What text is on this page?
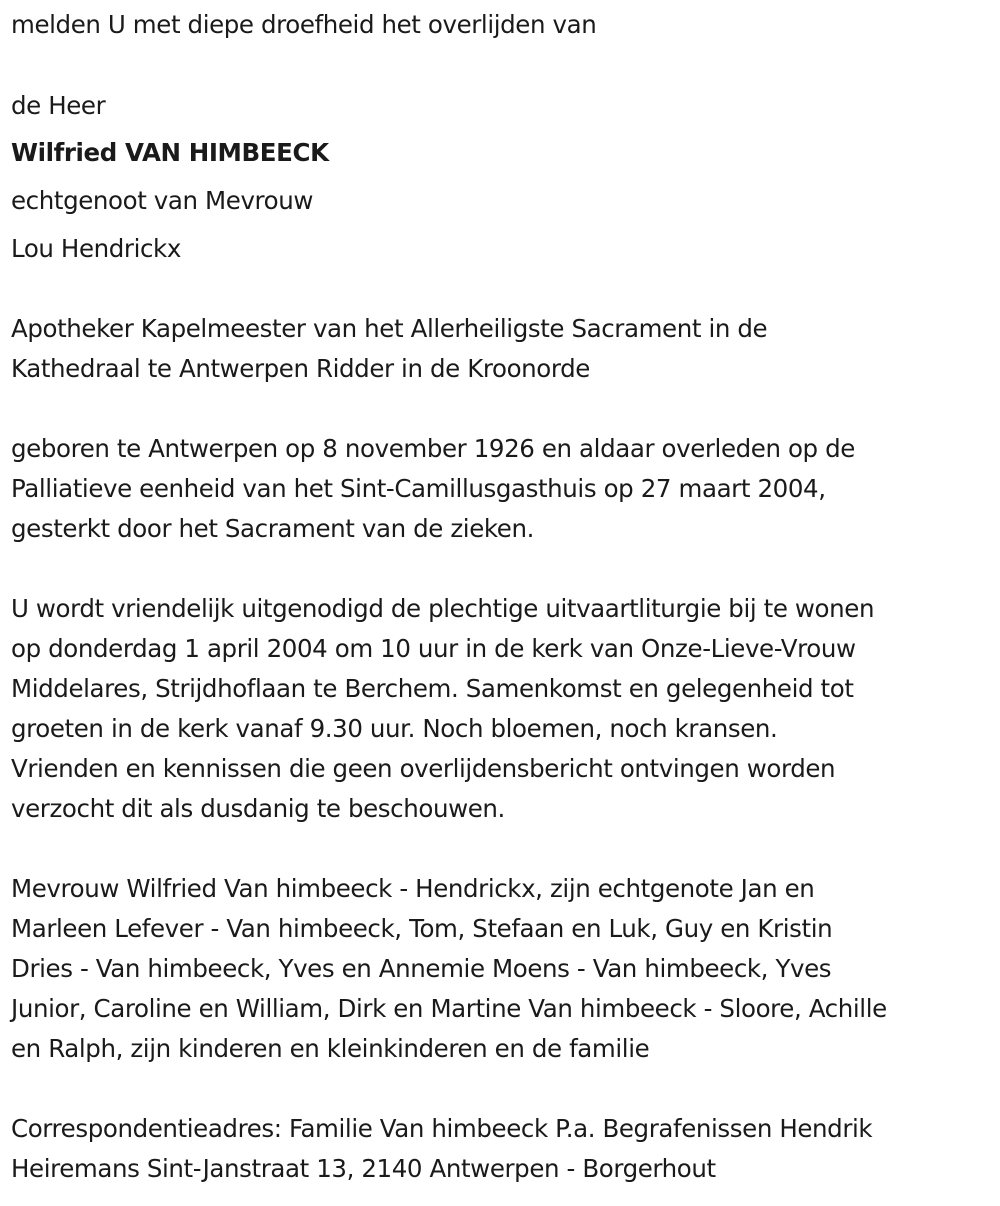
melden U met diepe droefheid het overlijden van
de Heer
Wilfried VAN HIMBEECK
echtgenoot van Mevrouw
Lou Hendrickx
Apotheker Kapelmeester van het Allerheiligste Sacrament in de
Kathedraal te Antwerpen Ridder in de Kroonorde
geboren te Antwerpen op 8 november 1926 en aldaar overleden op de
Palliatieve eenheid van het Sint-Camillusgasthuis op 27 maart 2004,
gesterkt door het Sacrament van de zieken.
U wordt vriendelijk uitgenodigd de plechtige uitvaartliturgie bij te wonen
op donderdag 1 april 2004 om 10 uur in de kerk van Onze-Lieve-Vrouw
Middelares, Strijdhoflaan te Berchem. Samenkomst en gelegenheid tot
groeten in de kerk vanaf 9.30 uur. Noch bloemen, noch kransen.
Vrienden en kennissen die geen overlijdensbericht ontvingen worden
verzocht dit als dusdanig te beschouwen.
Mevrouw Wilfried Van himbeeck - Hendrickx, zijn echtgenote Jan en
Marleen Lefever - Van himbeeck, Tom, Stefaan en Luk, Guy en Kristin
Dries - Van himbeeck, Yves en Annemie Moens - Van himbeeck, Yves
Junior, Caroline en William, Dirk en Martine Van himbeeck - Sloore, Achille
en Ralph, zijn kinderen en kleinkinderen en de familie
Correspondentieadres: Familie Van himbeeck P.a. Begrafenissen Hendrik
Heiremans Sint-Janstraat 13, 2140 Antwerpen - Borgerhout
